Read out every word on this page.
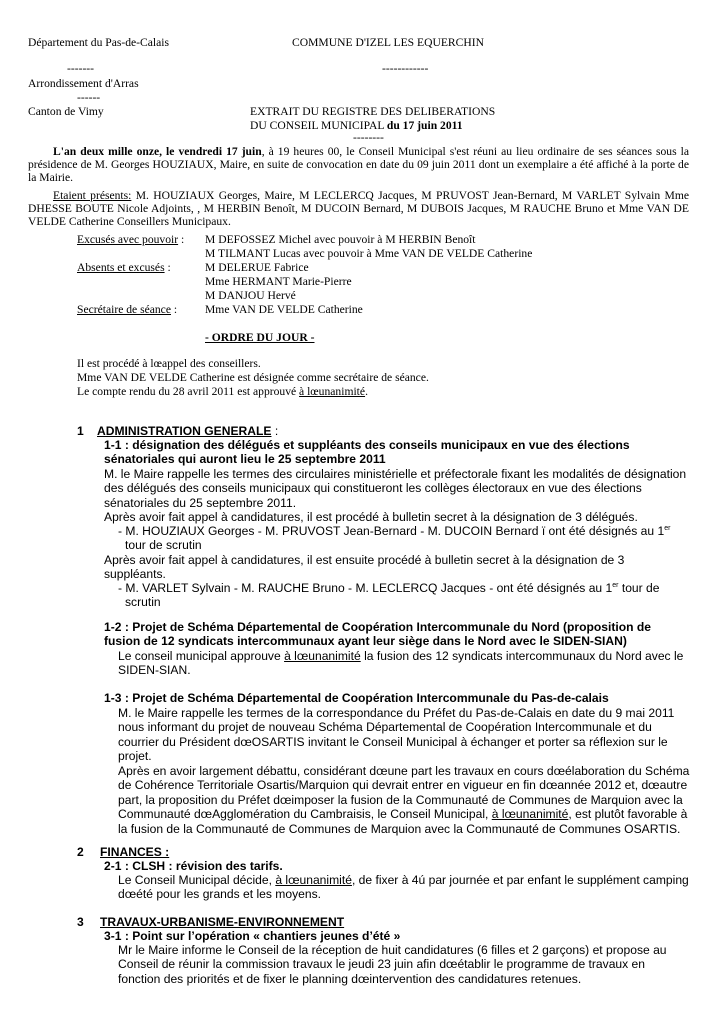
Département du Pas-de-Calais	COMMUNE D'IZEL LES EQUERCHIN
-------	------------
Arrondissement d'Arras
------
Canton de Vimy	EXTRAIT DU REGISTRE DES DELIBERATIONS
DU CONSEIL MUNICIPAL du 17 juin 2011
--------
L'an deux mille onze, le vendredi 17 juin, à 19 heures 00, le Conseil Municipal s'est réuni au lieu ordinaire de ses séances sous la présidence de M. Georges HOUZIAUX, Maire, en suite de convocation en date du 09 juin 2011 dont un exemplaire a été affiché à la porte de la Mairie.
Etaient présents: M. HOUZIAUX Georges, Maire, M LECLERCQ Jacques, M PRUVOST Jean-Bernard, M VARLET Sylvain Mme DHESSE BOUTE Nicole Adjoints, , M HERBIN Benoît, M DUCOIN Bernard, M DUBOIS Jacques, M RAUCHE Bruno et Mme VAN DE VELDE Catherine Conseillers Municipaux.
Excusés avec pouvoir : M DEFOSSEZ Michel avec pouvoir à M HERBIN Benoît
M TILMANT Lucas avec pouvoir à Mme VAN DE VELDE Catherine
Absents et excusés :	M DELERUE Fabrice
Mme HERMANT Marie-Pierre
M DANJOU Hervé
Secrétaire de séance : Mme VAN DE VELDE Catherine
- ORDRE DU JOUR -
Il est procédé à lœappel des conseillers.
Mme VAN DE VELDE Catherine est désignée comme secrétaire de séance.
Le compte rendu du 28 avril 2011 est approuvé à lœunanimité.
1 ADMINISTRATION GENERALE :
1-1 : désignation des délégués et suppléants des conseils municipaux en vue des élections sénatoriales qui auront lieu le 25 septembre 2011
M. le Maire rappelle les termes des circulaires ministérielle et préfectorale fixant les modalités de désignation des délégués des conseils municipaux qui constitueront les collèges électoraux en vue des élections sénatoriales du 25 septembre 2011.
Après avoir fait appel à candidatures, il est procédé à bulletin secret à la désignation de 3 délégués.
- M. HOUZIAUX Georges - M. PRUVOST Jean-Bernard - M. DUCOIN Bernard ï ont été désignés au 1er
tour de scrutin
Après avoir fait appel à candidatures, il est ensuite procédé à bulletin secret à la désignation de 3 suppléants.
- M. VARLET Sylvain - M. RAUCHE Bruno - M. LECLERCQ Jacques - ont été désignés au 1er tour de
scrutin
1-2 : Projet de Schéma Départemental de Coopération Intercommunale du Nord (proposition de fusion de 12 syndicats intercommunaux ayant leur siège dans le Nord avec le SIDEN-SIAN)
Le conseil municipal approuve à lœunanimité la fusion des 12 syndicats intercommunaux du Nord avec le SIDEN-SIAN.
1-3 : Projet de Schéma Départemental de Coopération Intercommunale du Pas-de-calais
M. le Maire rappelle les termes de la correspondance du Préfet du Pas-de-Calais en date du 9 mai 2011 nous informant du projet de nouveau Schéma Départemental de Coopération Intercommunale et du courrier du Président dœOSARTIS invitant le Conseil Municipal à échanger et porter sa réflexion sur le projet.
Après en avoir largement débattu, considérant dœune part les travaux en cours dœélaboration du Schéma de Cohérence Territoriale Osartis/Marquion qui devrait entrer en vigueur en fin dœannée 2012 et, dœautre part, la proposition du Préfet dœimposer la fusion de la Communauté de Communes de Marquion avec la Communauté dœAgglomération du Cambraisis, le Conseil Municipal, à lœunanimité, est plutôt favorable à la fusion de la Communauté de Communes de Marquion avec la Communauté de Communes OSARTIS.
2 FINANCES :
2-1 : CLSH : révision des tarifs.
Le Conseil Municipal décide, à lœunanimité, de fixer à 4ú par journée et par enfant le supplément camping dœété pour les grands et les moyens.
3 TRAVAUX-URBANISME-ENVIRONNEMENT
3-1 : Point sur l’opération « chantiers jeunes d’été »
Mr le Maire informe le Conseil de la réception de huit candidatures (6 filles et 2 garçons) et propose au Conseil de réunir la commission travaux le jeudi 23 juin afin dœétablir le programme de travaux en fonction des priorités et de fixer le planning dœintervention des candidatures retenues.
